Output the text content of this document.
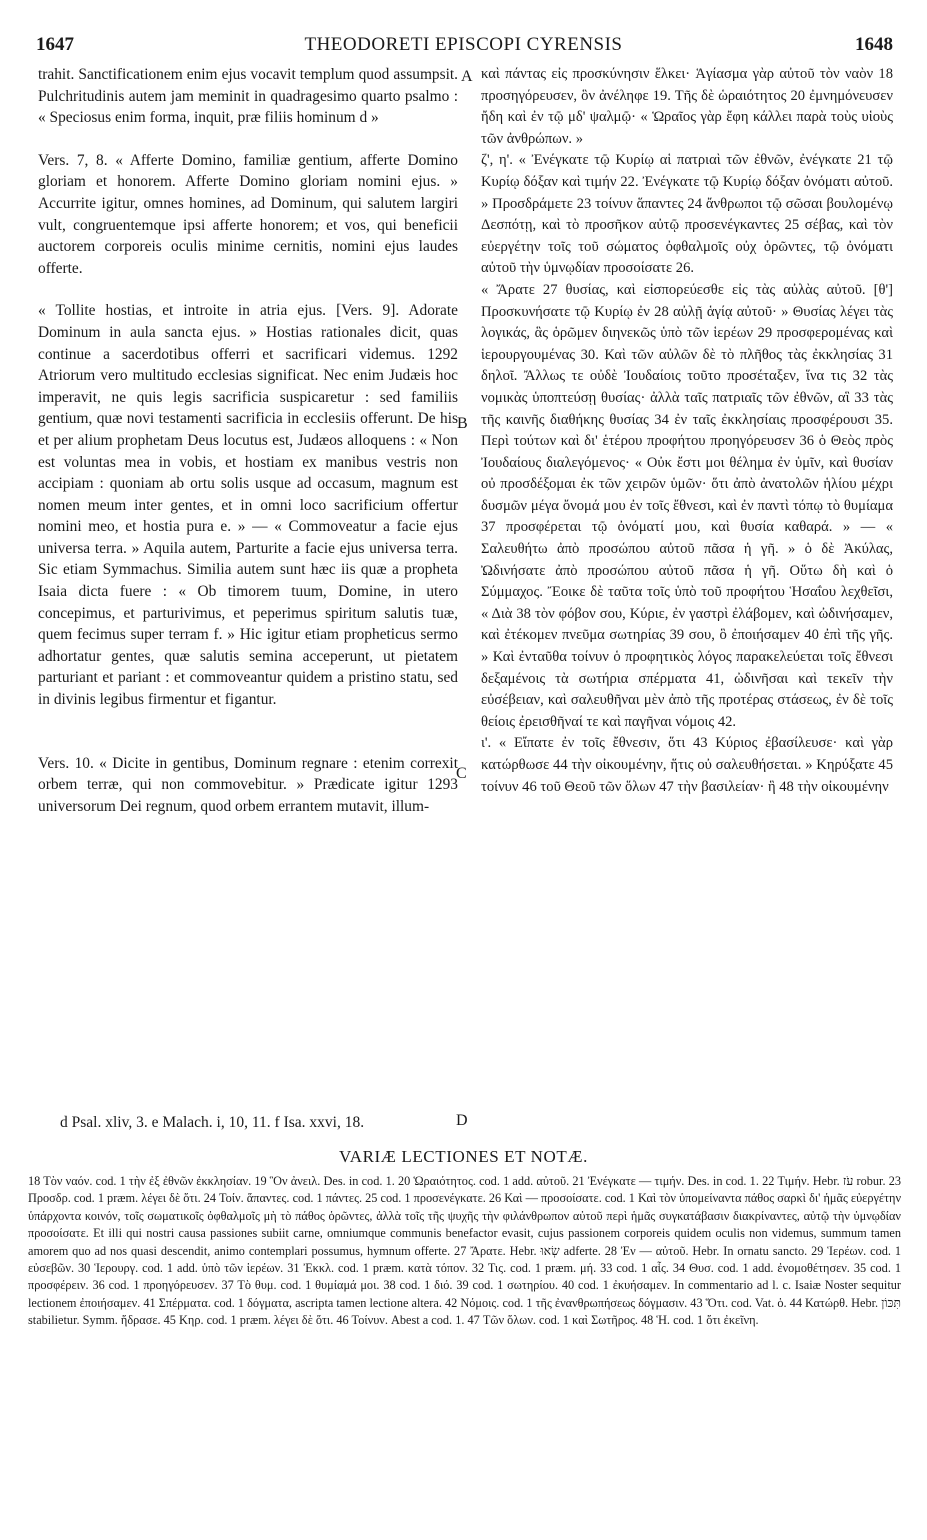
1647	THEODORETI EPISCOPI CYRENSIS	1648

trahit. Sanctificationem enim ejus vocavit templum quod assumpsit. Pulchritudinis autem jam meminit in quadragesimo quarto psalmo : « Speciosus enim forma, inquit, præ filiis hominum d »

Vers. 7, 8. « Afferte Domino, familiæ gentium, afferte Domino gloriam et honorem. Afferte Domino gloriam nomini ejus. » Accurrite igitur, omnes homines, ad Dominum, qui salutem largiri vult, congruentemque ipsi afferte honorem; et vos, qui beneficii auctorem corporeis oculis minime cernitis, nomini ejus laudes offerte.

« Tollite hostias, et introite in atria ejus. [Vers. 9]. Adorate Dominum in aula sancta ejus. » Hostias rationales dicit, quas continue a sacerdotibus offerri et sacrificari videmus. 1292 Atriorum vero multitudo ecclesias significat. Nec enim Judæis hoc imperavit, ne quis legis sacrificia suspicaretur : sed familiis gentium, quæ novi testamenti sacrificia in ecclesiis offerunt. De his et per alium prophetam Deus locutus est, Judæos alloquens : « Non est voluntas mea in vobis, et hostiam ex manibus vestris non accipiam : quoniam ab ortu solis usque ad occasum, magnum est nomen meum inter gentes, et in omni loco sacrificium offertur nomini meo, et hostia pura e. » — « Commoveatur a facie ejus universa terra. » Aquila autem, Parturite a facie ejus universa terra. Sic etiam Symmachus. Similia autem sunt hæc iis quæ a propheta Isaia dicta fuere : « Ob timorem tuum, Domine, in utero concepimus, et parturivimus, et peperimus spiritum salutis tuæ, quem fecimus super terram f. » Hic igitur etiam propheticus sermo adhortatur gentes, quæ salutis semina acceperunt, ut pietatem parturiant et pariant : et commoveantur quidem a pristino statu, sed in divinis legibus firmentur et figantur.

Vers. 10. « Dicite in gentibus, Dominum regnare : etenim correxit orbem terræ, qui non commovebitur. » Prædicate igitur 1293 universorum Dei regnum, quod orbem errantem mutavit, illum-

καὶ πάντας εἰς προσκύνησιν ἕλκει· Ἁγίασμα γὰρ αὐτοῦ τὸν ναὸν 18 προσηγόρευσεν, ὃν ἀνέληφε 19. Τῆς δὲ ὡραιότητος 20 ἐμνημόνευσεν ἤδη καὶ ἐν τῷ μδ' ψαλμῷ· « Ὡραῖος γὰρ ἔφη κάλλει παρὰ τοὺς υἱοὺς τῶν ἀνθρώπων. »

ζ', η'. « Ἐνέγκατε τῷ Κυρίῳ αἱ πατριαὶ τῶν ἐθνῶν, ἐνέγκατε 21 τῷ Κυρίῳ δόξαν καὶ τιμήν 22. Ἐνέγκατε τῷ Κυρίῳ δόξαν ὀνόματι αὐτοῦ. » Προσδράμετε 23 τοίνυν ἅπαντες 24 ἄνθρωποι τῷ σῶσαι βουλομένῳ Δεσπότῃ, καὶ τὸ προσῆκον αὐτῷ προσενέγκαντες 25 σέβας, καὶ τὸν εὐεργέτην τοῖς τοῦ σώματος ὀφθαλμοῖς οὐχ ὁρῶντες, τῷ ὀνόματι αὐτοῦ τὴν ὑμνῳδίαν προσοίσατε 26.

« Ἄρατε 27 θυσίας, καὶ εἰσπορεύεσθε εἰς τὰς αὐλὰς αὐτοῦ. [θ'] Προσκυνήσατε τῷ Κυρίῳ ἐν 28 αὐλῇ ἁγίᾳ αὐτοῦ· » Θυσίας λέγει τὰς λογικάς, ἃς ὁρῶμεν διηνεκῶς ὑπὸ τῶν ἱερέων 29 προσφερομένας καὶ ἱερουργουμένας 30. Καὶ τῶν αὐλῶν δὲ τὸ πλῆθος τὰς ἐκκλησίας 31 δηλοῖ. Ἄλλως τε οὐδὲ Ἰουδαίοις τοῦτο προσέταξεν, ἵνα τις 32 τὰς νομικὰς ὑποπτεύσῃ θυσίας· ἀλλὰ ταῖς πατριαῖς τῶν ἐθνῶν, αἳ 33 τὰς τῆς καινῆς διαθήκης θυσίας 34 ἐν ταῖς ἐκκλησίαις προσφέρουσι 35. Περὶ τούτων καὶ δι' ἑτέρου προφήτου προηγόρευσεν 36 ὁ Θεὸς πρὸς Ἰουδαίους διαλεγόμενος· « Οὐκ ἔστι μοι θέλημα ἐν ὑμῖν, καὶ θυσίαν οὐ προσδέξομαι ἐκ τῶν χειρῶν ὑμῶν· ὅτι ἀπὸ ἀνατολῶν ἡλίου μέχρι δυσμῶν μέγα ὄνομά μου ἐν τοῖς ἔθνεσι, καὶ ἐν παντὶ τόπῳ τὸ θυμίαμα 37 προσφέρεται τῷ ὀνόματί μου, καὶ θυσία καθαρά. » — « Σαλευθήτω ἀπὸ προσώπου αὐτοῦ πᾶσα ἡ γῆ. » ὁ δὲ Ἀκύλας, Ὠδινήσατε ἀπὸ προσώπου αὐτοῦ πᾶσα ἡ γῆ. Οὕτω δὴ καὶ ὁ Σύμμαχος. Ἔοικε δὲ ταῦτα τοῖς ὑπὸ τοῦ προφήτου Ἡσαΐου λεχθεῖσι, « Διὰ 38 τὸν φόβον σου, Κύριε, ἐν γαστρὶ ἐλάβομεν, καὶ ὠδινήσαμεν, καὶ ἐτέκομεν πνεῦμα σωτηρίας 39 σου, ὃ ἐποιήσαμεν 40 ἐπὶ τῆς γῆς. » Καὶ ἐνταῦθα τοίνυν ὁ προφητικὸς λόγος παρακελεύεται τοῖς ἔθνεσι δεξαμένοις τὰ σωτήρια σπέρματα 41, ὠδινῆσαι καὶ τεκεῖν τὴν εὐσέβειαν, καὶ σαλευθῆναι μὲν ἀπὸ τῆς προτέρας στάσεως, ἐν δὲ τοῖς θείοις ἐρεισθῆναί τε καὶ παγῆναι νόμοις 42.

ι'. « Εἴπατε ἐν τοῖς ἔθνεσιν, ὅτι 43 Κύριος ἐβασίλευσε· καὶ γὰρ κατώρθωσε 44 τὴν οἰκουμένην, ἥτις οὐ σαλευθήσεται. » Κηρύξατε 45 τοίνυν 46 τοῦ Θεοῦ τῶν ὅλων 47 τὴν βασιλείαν· ἣ 48 τὴν οἰκουμένην

A
B
C
D
d Psal. xliv, 3. e Malach. i, 10, 11. f Isa. xxvi, 18.
VARIÆ LECTIONES ET NOTÆ.

18 Τὸν ναόν. cod. 1 τὴν ἐξ ἐθνῶν ἐκκλησίαν. 19 Ὃν ἀνειλ. Des. in cod. 1. 20 Ὡραιότητος. cod. 1 add. αὐτοῦ. 21 Ἐνέγκατε — τιμήν. Des. in cod. 1. 22 Τιμήν. Hebr. עֹז robur. 23 Προσδρ. cod. 1 præm. λέγει δὲ ὅτι. 24 Τοίν. ἅπαντες. cod. 1 πάντες. 25 cod. 1 προσενέγκατε. 26 Καὶ — προσοίσατε. cod. 1 Καὶ τὸν ὑπομείναντα πάθος σαρκὶ δι' ἡμᾶς εὐεργέτην ὑπάρχοντα κοινόν, τοῖς σωματικοῖς ὀφθαλμοῖς μὴ τὸ πάθος ὁρῶντες, ἀλλὰ τοῖς τῆς ψυχῆς τὴν φιλάνθρωπον αὐτοῦ περὶ ἡμᾶς συγκατάβασιν διακρίναντες, αὐτῷ τὴν ὑμνῳδίαν προσοίσατε. Et illi qui nostri causa passiones subiit carne, omniumque communis benefactor evasit, cujus passionem corporeis quidem oculis non videmus, summum tamen amorem quo ad nos quasi descendit, animo contemplari possumus, hymnum offerte. 27 Ἄρατε. Hebr. שְׂאוּ adferte. 28 Ἐν — αὐτοῦ. Hebr. In ornatu sancto. 29 Ἱερέων. cod. 1 εὐσεβῶν. 30 Ἱερουργ. cod. 1 add. ὑπὸ τῶν ἱερέων. 31 Ἐκκλ. cod. 1 præm. κατὰ τόπον. 32 Τις. cod. 1 præm. μή. 33 cod. 1 αἷς. 34 Θυσ. cod. 1 add. ἐνομοθέτησεν. 35 cod. 1 προσφέρειν. 36 cod. 1 προηγόρευσεν. 37 Τὸ θυμ. cod. 1 θυμίαμά μοι. 38 cod. 1 διό. 39 cod. 1 σωτηρίου. 40 cod. 1 ἐκυήσαμεν. In commentario ad l. c. Isaiæ Noster sequitur lectionem ἐποιήσαμεν. 41 Σπέρματα. cod. 1 δόγματα, ascripta tamen lectione altera. 42 Νόμοις. cod. 1 τῆς ἐνανθρωπήσεως δόγμασιν. 43 Ὅτι. cod. Vat. ὁ. 44 Κατώρθ. Hebr. תִּכּוֹן stabilietur. Symm. ἥδρασε. 45 Κηρ. cod. 1 præm. λέγει δὲ ὅτι. 46 Τοίνυν. Abest a cod. 1. 47 Τῶν ὅλων. cod. 1 καὶ Σωτῆρος. 48 Ἡ. cod. 1 ὅτι ἐκεῖνη.
